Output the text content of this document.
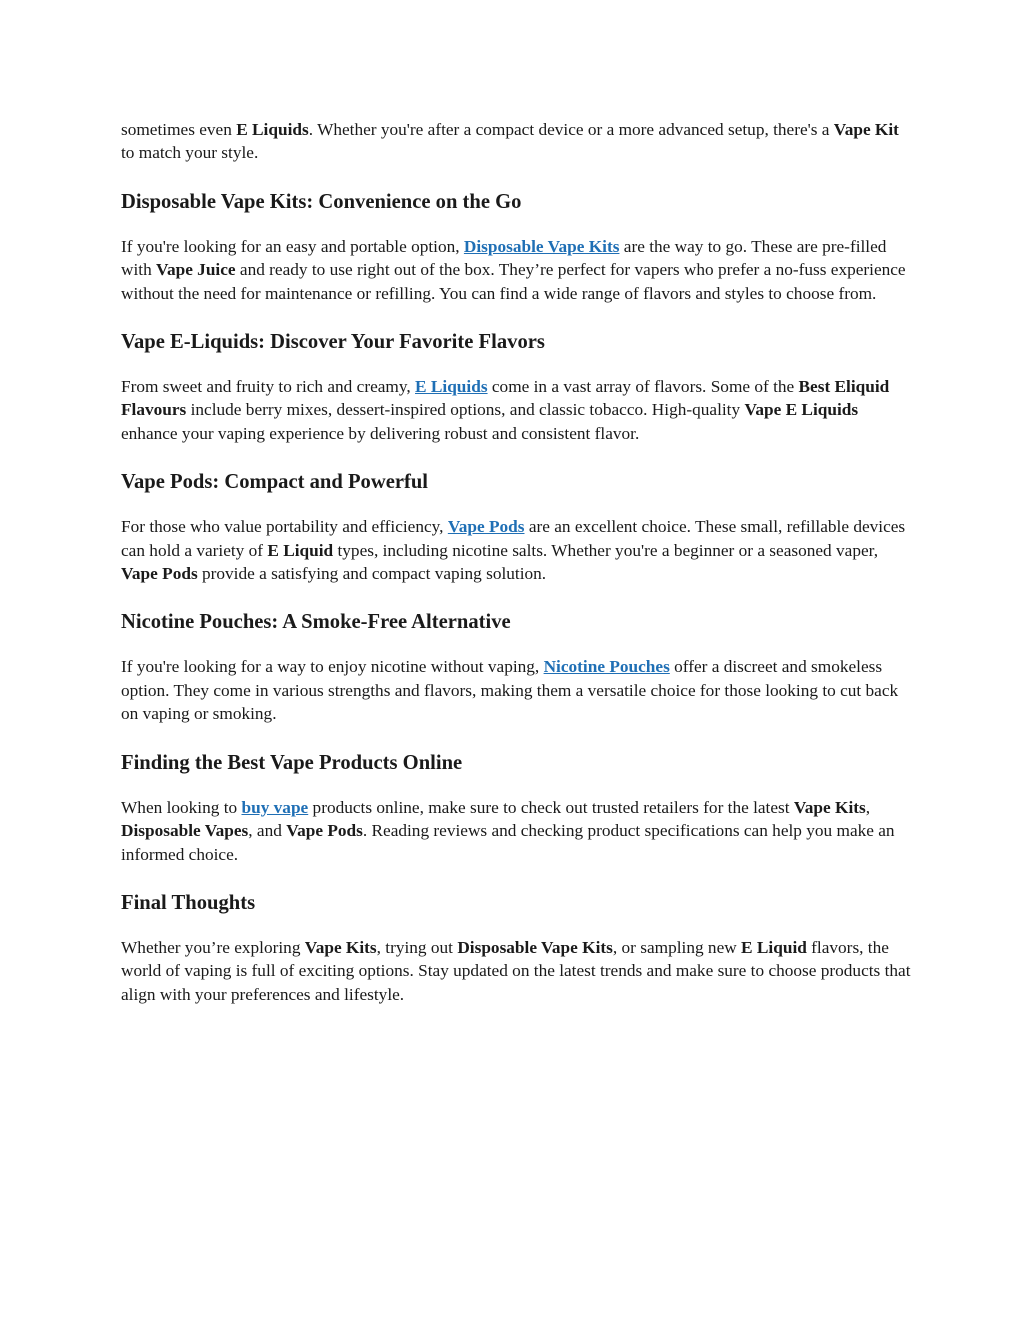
sometimes even E Liquids. Whether you're after a compact device or a more advanced setup, there's a Vape Kit to match your style.

Disposable Vape Kits: Convenience on the Go

If you're looking for an easy and portable option, Disposable Vape Kits are the way to go. These are pre-filled with Vape Juice and ready to use right out of the box. They’re perfect for vapers who prefer a no-fuss experience without the need for maintenance or refilling. You can find a wide range of flavors and styles to choose from.

Vape E-Liquids: Discover Your Favorite Flavors

From sweet and fruity to rich and creamy, E Liquids come in a vast array of flavors. Some of the Best Eliquid Flavours include berry mixes, dessert-inspired options, and classic tobacco. High-quality Vape E Liquids enhance your vaping experience by delivering robust and consistent flavor.

Vape Pods: Compact and Powerful

For those who value portability and efficiency, Vape Pods are an excellent choice. These small, refillable devices can hold a variety of E Liquid types, including nicotine salts. Whether you're a beginner or a seasoned vaper, Vape Pods provide a satisfying and compact vaping solution.

Nicotine Pouches: A Smoke-Free Alternative

If you're looking for a way to enjoy nicotine without vaping, Nicotine Pouches offer a discreet and smokeless option. They come in various strengths and flavors, making them a versatile choice for those looking to cut back on vaping or smoking.

Finding the Best Vape Products Online

When looking to buy vape products online, make sure to check out trusted retailers for the latest Vape Kits, Disposable Vapes, and Vape Pods. Reading reviews and checking product specifications can help you make an informed choice.

Final Thoughts

Whether you’re exploring Vape Kits, trying out Disposable Vape Kits, or sampling new E Liquid flavors, the world of vaping is full of exciting options. Stay updated on the latest trends and make sure to choose products that align with your preferences and lifestyle.
